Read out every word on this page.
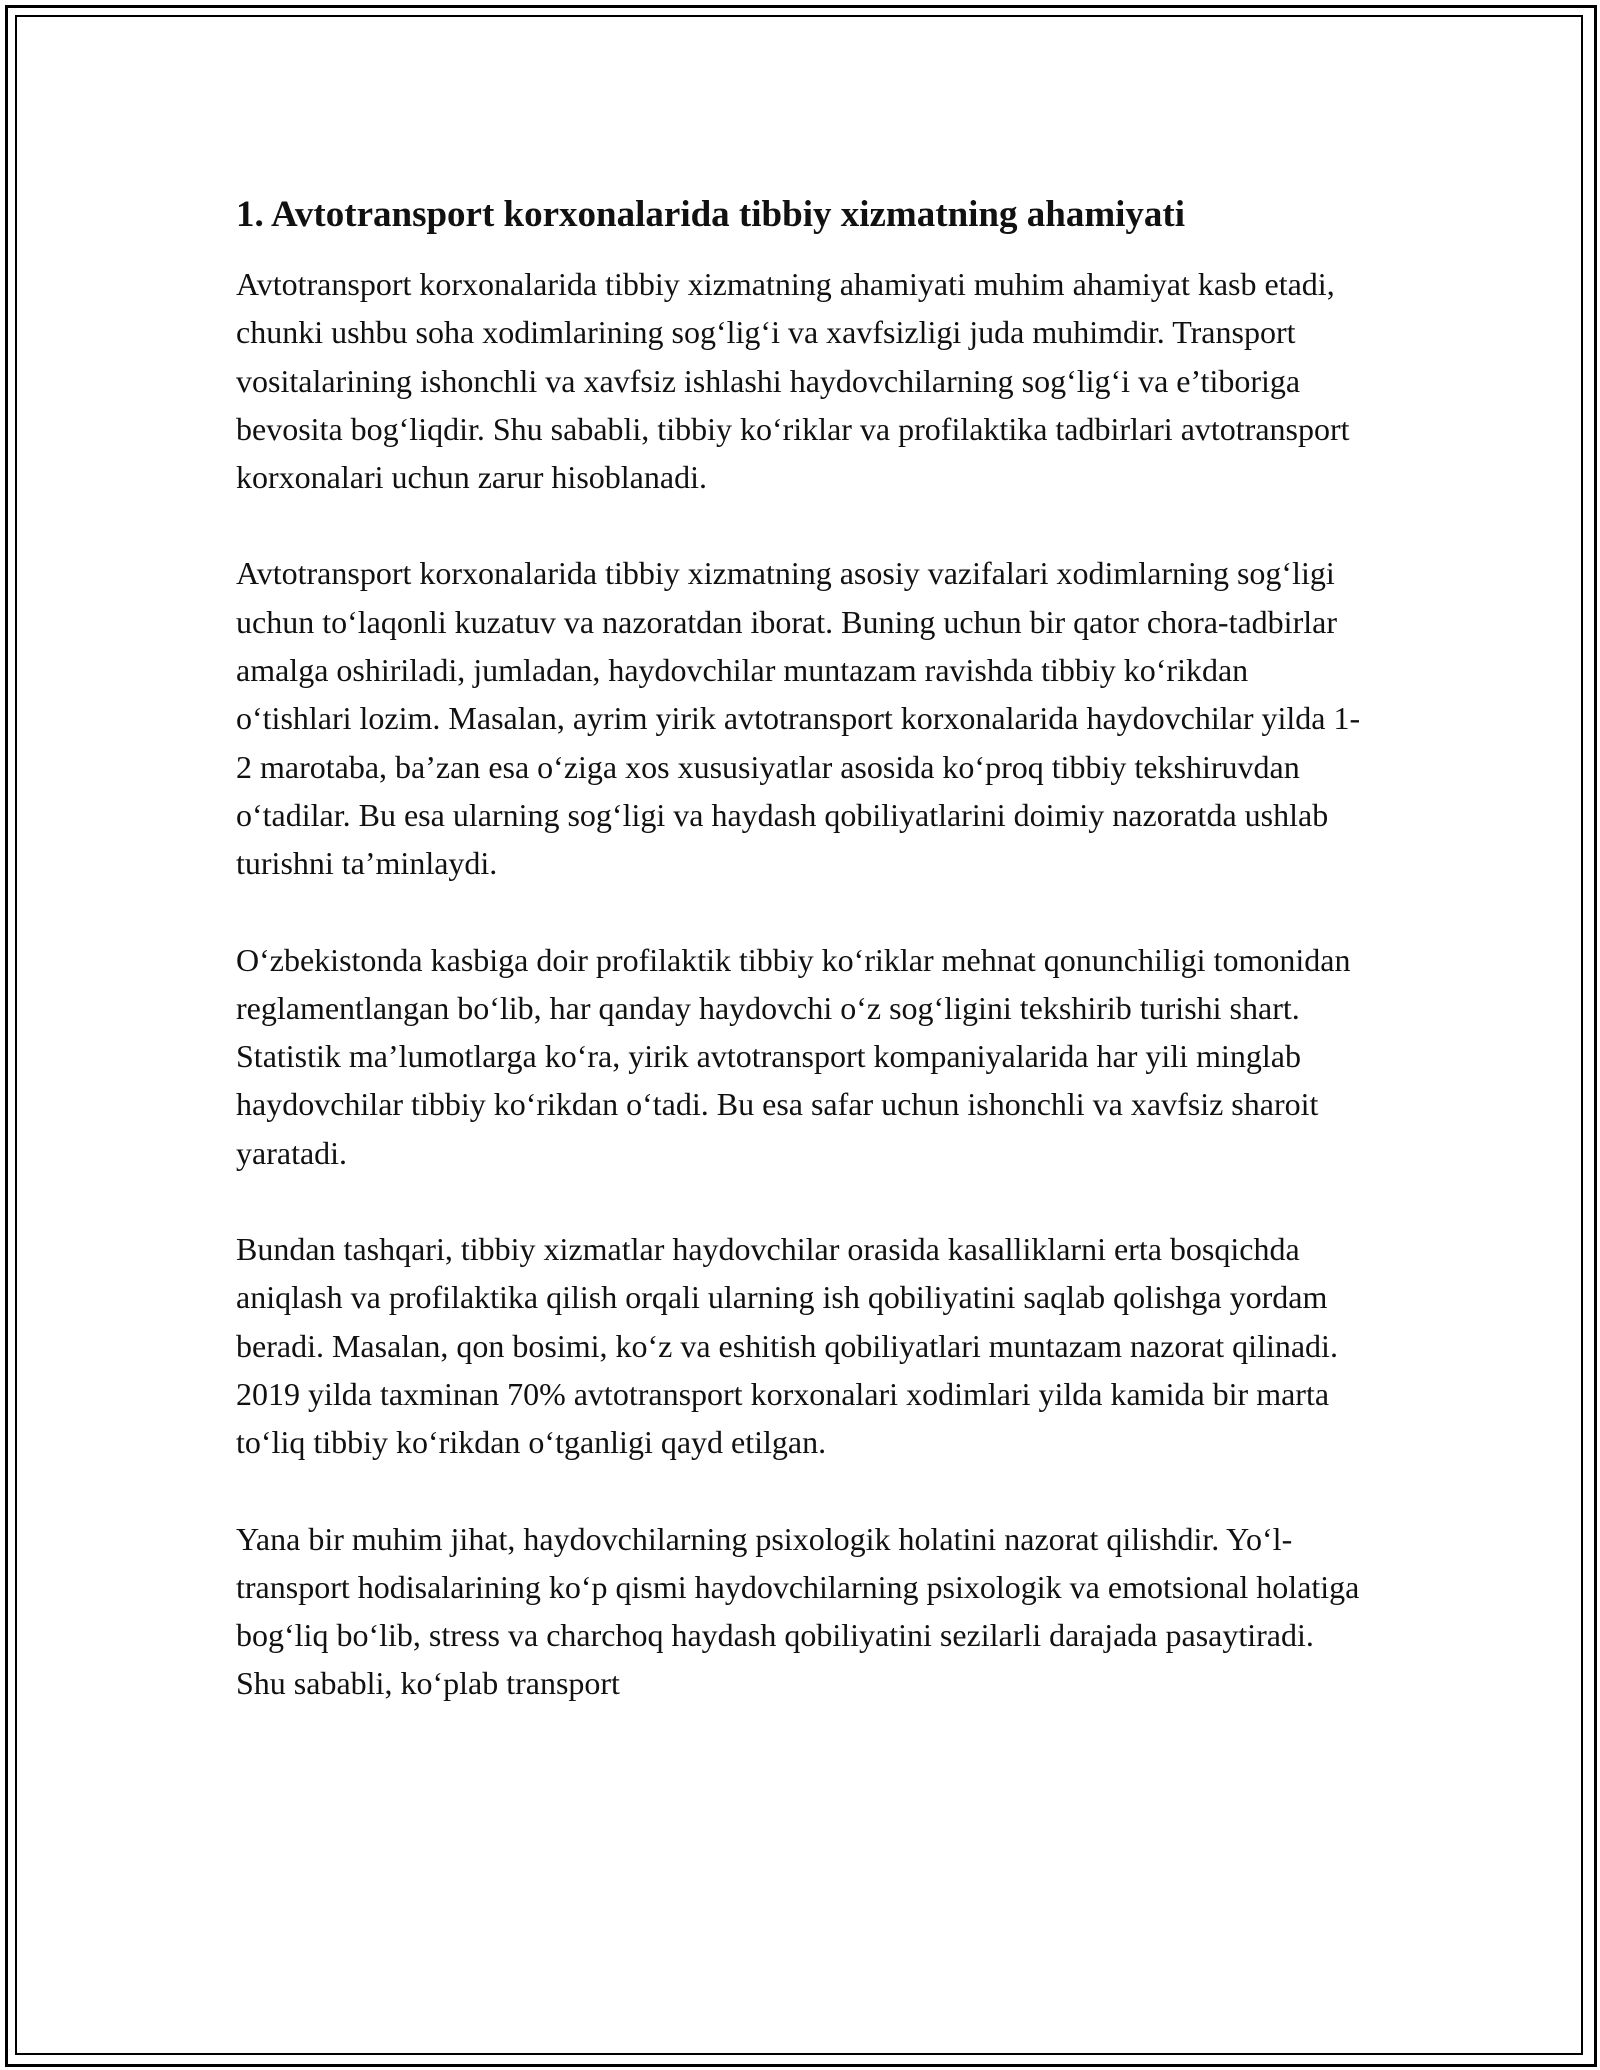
1. Avtotransport korxonalarida tibbiy xizmatning ahamiyati

Avtotransport korxonalarida tibbiy xizmatning ahamiyati muhim ahamiyat kasb etadi, chunki ushbu soha xodimlarining sog‘lig‘i va xavfsizligi juda muhimdir. Transport vositalarining ishonchli va xavfsiz ishlashi haydovchilarning sog‘lig‘i va e’tiboriga bevosita bog‘liqdir. Shu sababli, tibbiy ko‘riklar va profilaktika tadbirlari avtotransport korxonalari uchun zarur hisoblanadi.

Avtotransport korxonalarida tibbiy xizmatning asosiy vazifalari xodimlarning sog‘ligi uchun to‘laqonli kuzatuv va nazoratdan iborat. Buning uchun bir qator chora-tadbirlar amalga oshiriladi, jumladan, haydovchilar muntazam ravishda tibbiy ko‘rikdan o‘tishlari lozim. Masalan, ayrim yirik avtotransport korxonalarida haydovchilar yilda 1-2 marotaba, ba’zan esa o‘ziga xos xususiyatlar asosida ko‘proq tibbiy tekshiruvdan o‘tadilar. Bu esa ularning sog‘ligi va haydash qobiliyatlarini doimiy nazoratda ushlab turishni ta’minlaydi.

O‘zbekistonda kasbiga doir profilaktik tibbiy ko‘riklar mehnat qonunchiligi tomonidan reglamentlangan bo‘lib, har qanday haydovchi o‘z sog‘ligini tekshirib turishi shart. Statistik ma’lumotlarga ko‘ra, yirik avtotransport kompaniyalarida har yili minglab haydovchilar tibbiy ko‘rikdan o‘tadi. Bu esa safar uchun ishonchli va xavfsiz sharoit yaratadi.

Bundan tashqari, tibbiy xizmatlar haydovchilar orasida kasalliklarni erta bosqichda aniqlash va profilaktika qilish orqali ularning ish qobiliyatini saqlab qolishga yordam beradi. Masalan, qon bosimi, ko‘z va eshitish qobiliyatlari muntazam nazorat qilinadi. 2019 yilda taxminan 70% avtotransport korxonalari xodimlari yilda kamida bir marta to‘liq tibbiy ko‘rikdan o‘tganligi qayd etilgan.

Yana bir muhim jihat, haydovchilarning psixologik holatini nazorat qilishdir. Yo‘l-transport hodisalarining ko‘p qismi haydovchilarning psixologik va emotsional holatiga bog‘liq bo‘lib, stress va charchoq haydash qobiliyatini sezilarli darajada pasaytiradi. Shu sababli, ko‘plab transport
